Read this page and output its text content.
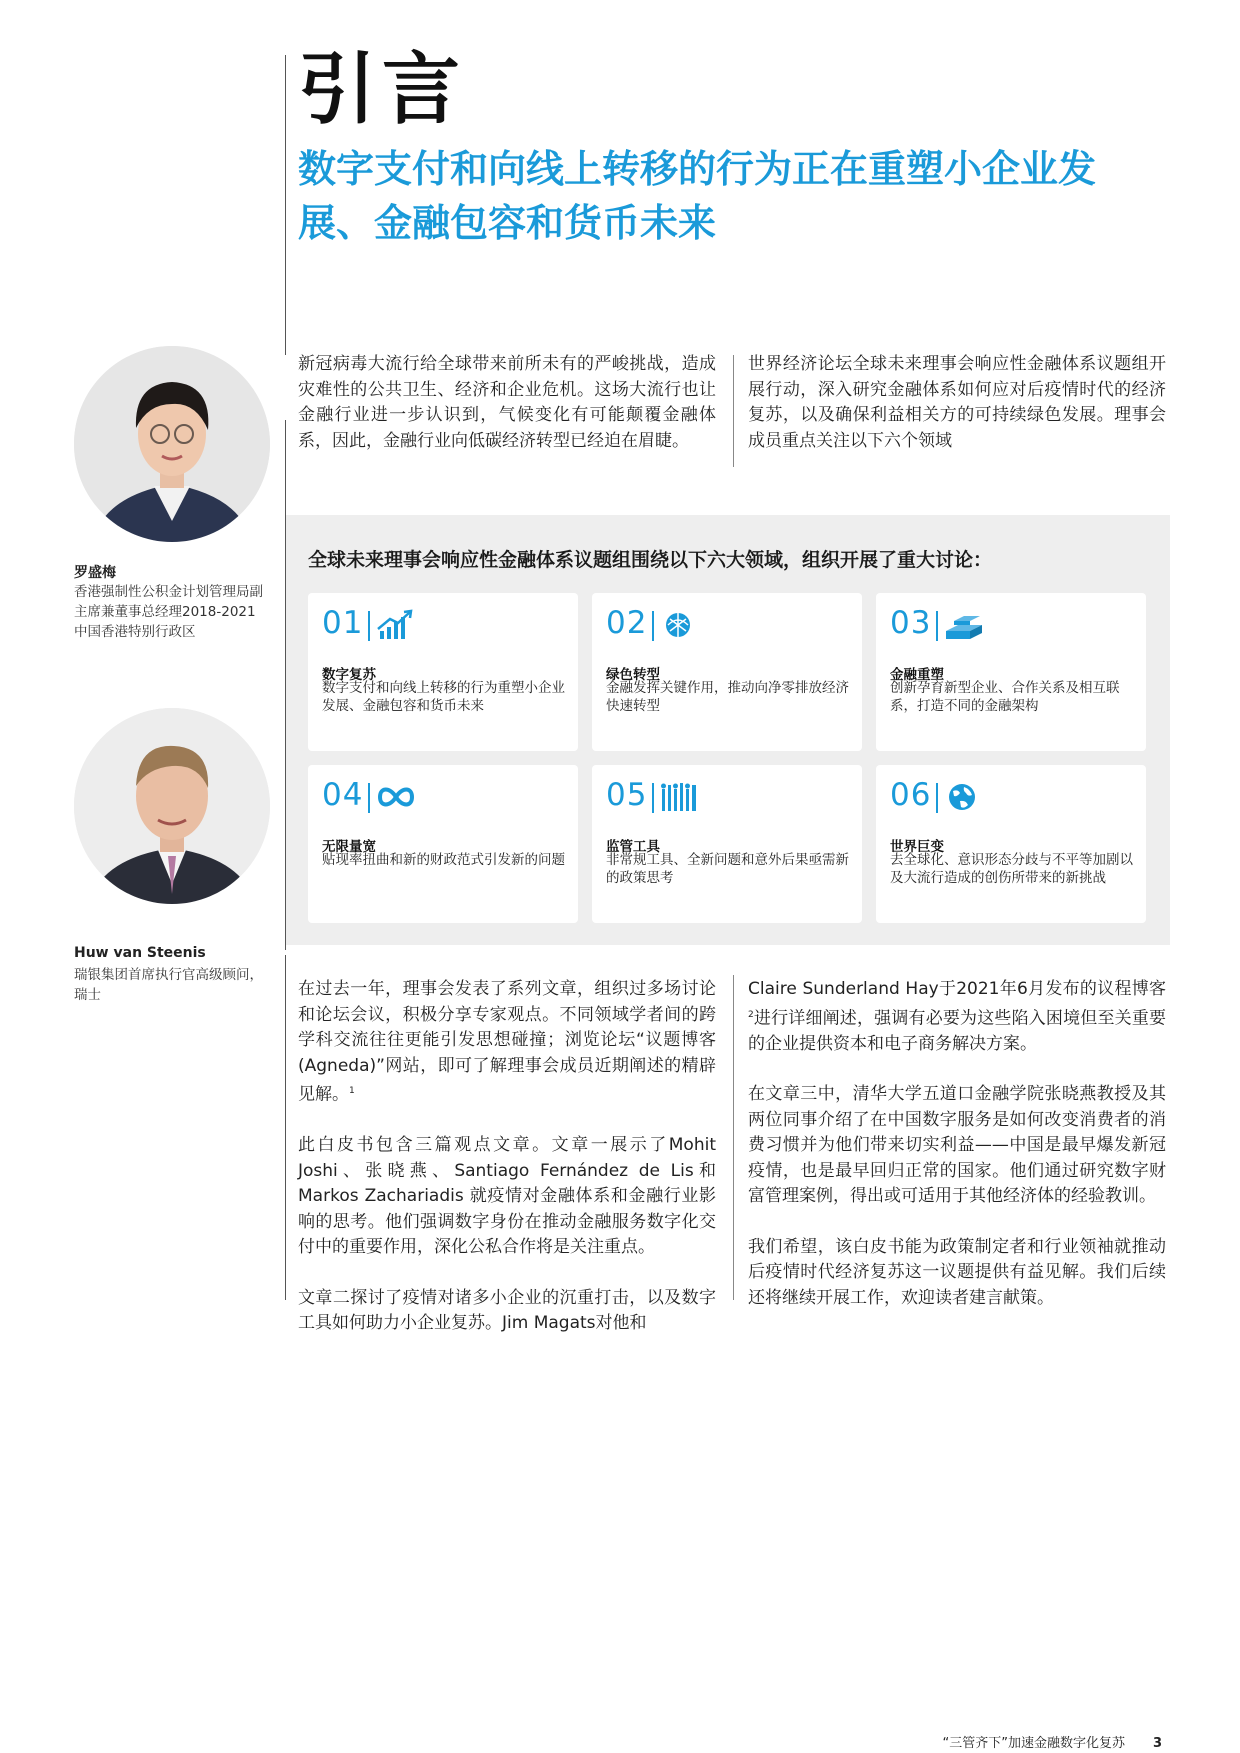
引言
数字支付和向线上转移的行为正在重塑小企业发展、金融包容和货币未来
罗盛梅
香港强制性公积金计划管理局副主席兼董事总经理2018-2021中国香港特别行政区
Huw van Steenis
瑞银集团首席执行官高级顾问，瑞士
新冠病毒大流行给全球带来前所未有的严峻挑战，造成灾难性的公共卫生、经济和企业危机。这场大流行也让金融行业进一步认识到，气候变化有可能颠覆金融体系，因此，金融行业向低碳经济转型已经迫在眉睫。
世界经济论坛全球未来理事会响应性金融体系议题组开展行动，深入研究金融体系如何应对后疫情时代的经济复苏，以及确保利益相关方的可持续绿色发展。理事会成员重点关注以下六个领域
全球未来理事会响应性金融体系议题组围绕以下六大领域，组织开展了重大讨论：
01
数字复苏
数字支付和向线上转移的行为重塑小企业发展、金融包容和货币未来
02
绿色转型
金融发挥关键作用，推动向净零排放经济快速转型
03
金融重塑
创新孕育新型企业、合作关系及相互联系，打造不同的金融架构
04
无限量宽
贴现率扭曲和新的财政范式引发新的问题
05
监管工具
非常规工具、全新问题和意外后果亟需新的政策思考
06
世界巨变
去全球化、意识形态分歧与不平等加剧以及大流行造成的创伤所带来的新挑战

在过去一年，理事会发表了系列文章，组织过多场讨论和论坛会议，积极分享专家观点。不同领域学者间的跨学科交流往往更能引发思想碰撞；浏览论坛“议题博客(Agneda)”网站，即可了解理事会成员近期阐述的精辟见解。$^1$

此白皮书包含三篇观点文章。文章一展示了Mohit Joshi、张晓燕、Santiago Fernández de Lis和Markos Zachariadis 就疫情对金融体系和金融行业影响的思考。他们强调数字身份在推动金融服务数字化交付中的重要作用，深化公私合作将是关注重点。

文章二探讨了疫情对诸多小企业的沉重打击，以及数字工具如何助力小企业复苏。Jim Magats对他和

Claire Sunderland Hay于2021年6月发布的议程博客$^2$进行详细阐述，强调有必要为这些陷入困境但至关重要的企业提供资本和电子商务解决方案。

在文章三中，清华大学五道口金融学院张晓燕教授及其两位同事介绍了在中国数字服务是如何改变消费者的消费习惯并为他们带来切实利益——中国是最早爆发新冠疫情，也是最早回归正常的国家。他们通过研究数字财富管理案例，得出或可适用于其他经济体的经验教训。

我们希望，该白皮书能为政策制定者和行业领袖就推动后疫情时代经济复苏这一议题提供有益见解。我们后续还将继续开展工作，欢迎读者建言献策。

“三管齐下”加速金融数字化复苏 3
